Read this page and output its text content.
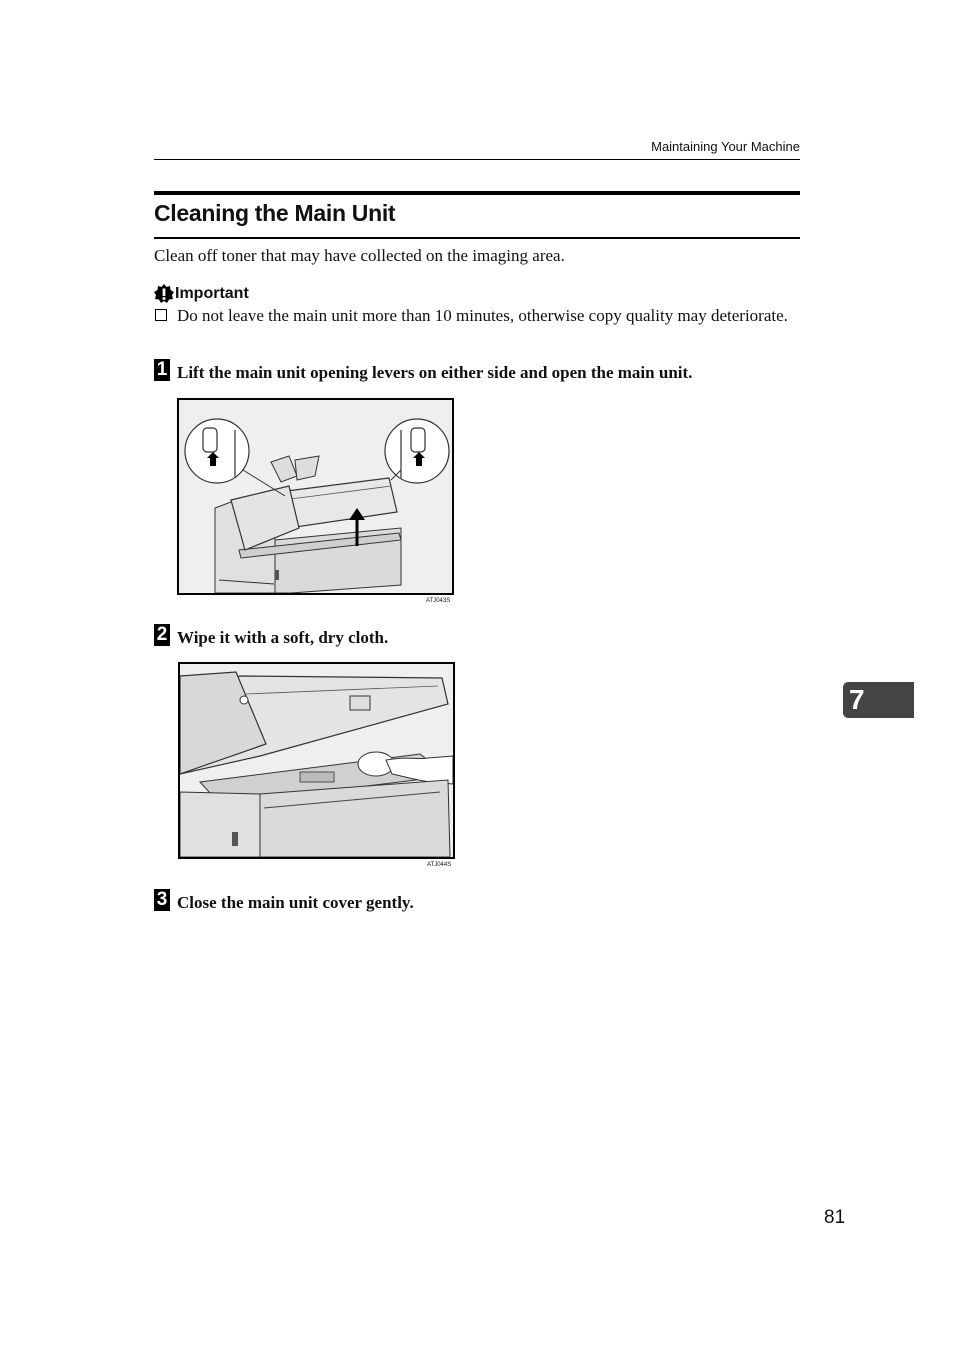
Maintaining Your Machine
Cleaning the Main Unit
Clean off toner that may have collected on the imaging area.
Important
Do not leave the main unit more than 10 minutes, otherwise copy quality may deteriorate.
1 Lift the main unit opening levers on either side and open the main unit.
ATJ043S
2 Wipe it with a soft, dry cloth.
ATJ044S
3 Close the main unit cover gently.
7
81
